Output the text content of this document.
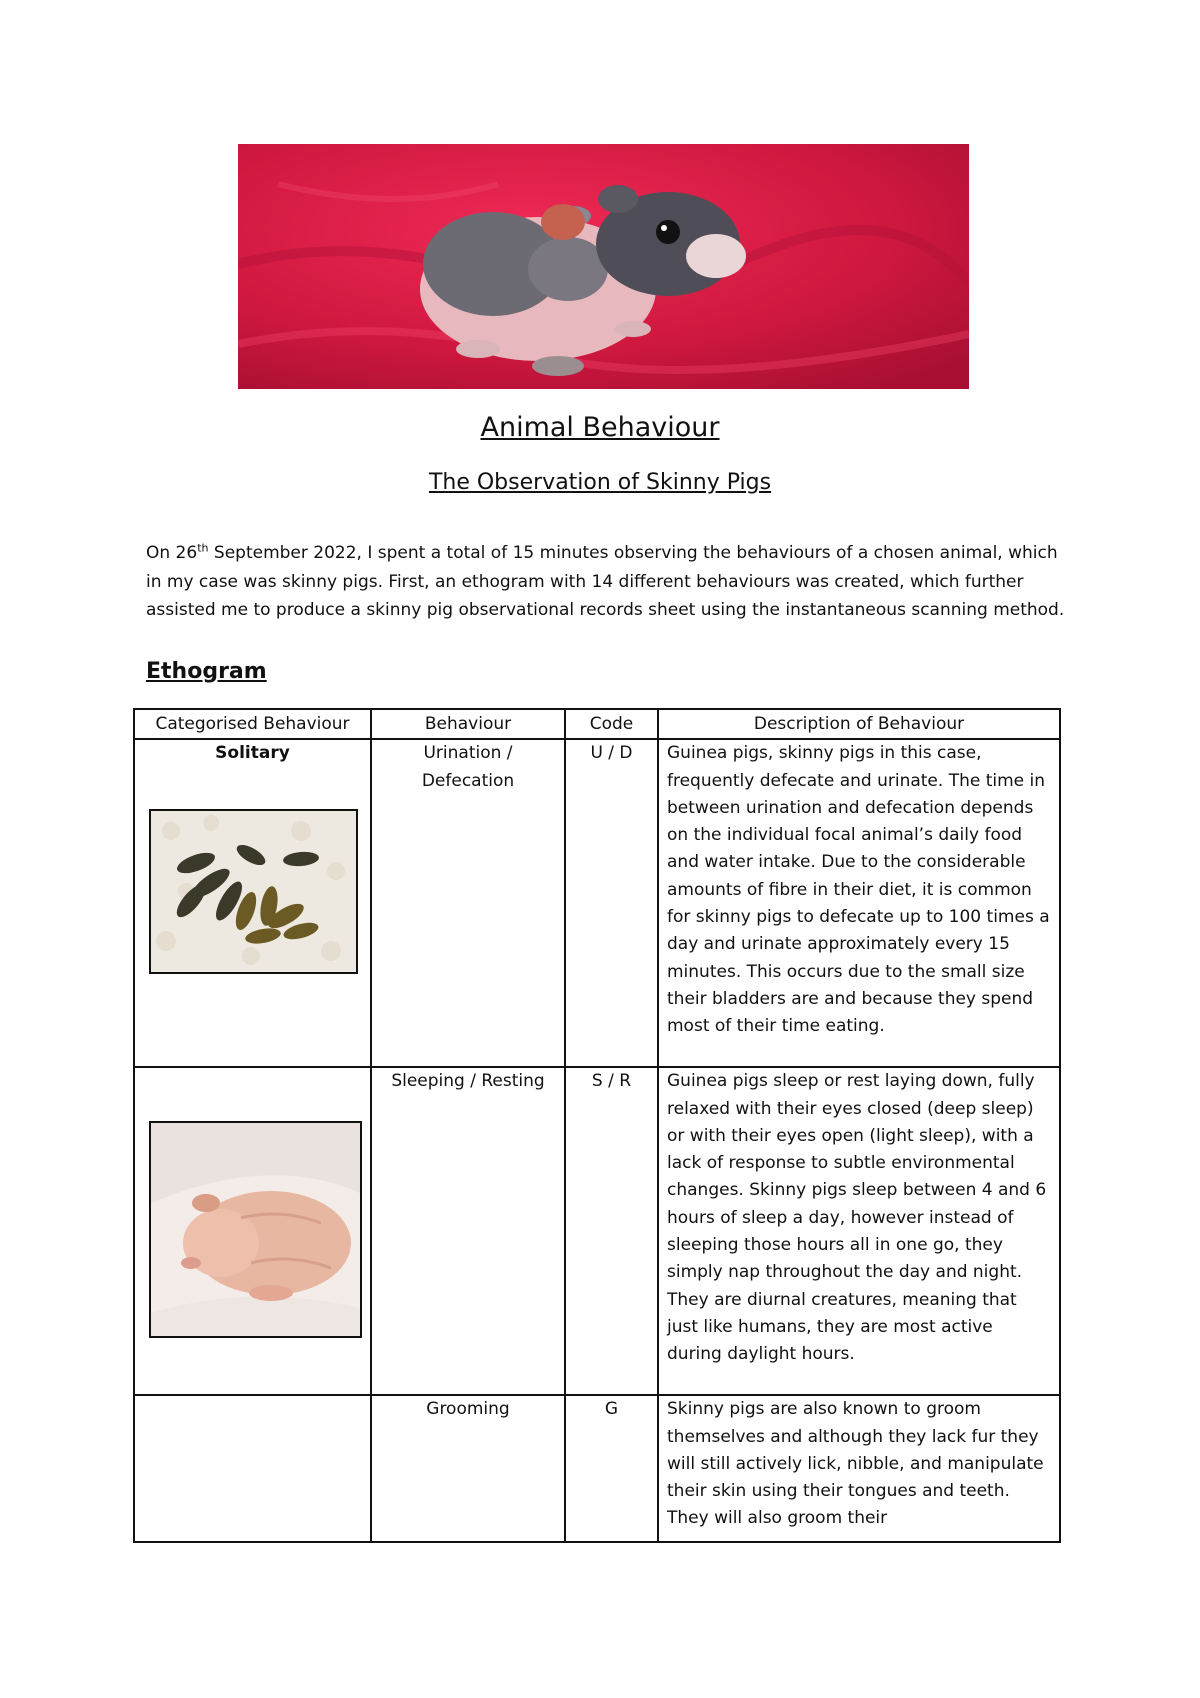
Animal Behaviour
The Observation of Skinny Pigs

On 26th September 2022, I spent a total of 15 minutes observing the behaviours of a chosen animal, which in my case was skinny pigs. First, an ethogram with 14 different behaviours was created, which further assisted me to produce a skinny pig observational records sheet using the instantaneous scanning method.

Ethogram
Categorised Behaviour	Behaviour	Code	Description of Behaviour

Solitary	Urination / Defecation	U / D	Guinea pigs, skinny pigs in this case, frequently defecate and urinate. The time in between urination and defecation depends on the individual focal animal’s daily food and water intake. Due to the considerable amounts of fibre in their diet, it is common for skinny pigs to defecate up to 100 times a day and urinate approximately every 15 minutes. This occurs due to the small size their bladders are and because they spend most of their time eating.

	Sleeping / Resting	S / R	Guinea pigs sleep or rest laying down, fully relaxed with their eyes closed (deep sleep) or with their eyes open (light sleep), with a lack of response to subtle environmental changes. Skinny pigs sleep between 4 and 6 hours of sleep a day, however instead of sleeping those hours all in one go, they simply nap throughout the day and night. They are diurnal creatures, meaning that just like humans, they are most active during daylight hours.
	Grooming	G	Skinny pigs are also known to groom themselves and although they lack fur they will still actively lick, nibble, and manipulate their skin using their tongues and teeth. They will also groom their
